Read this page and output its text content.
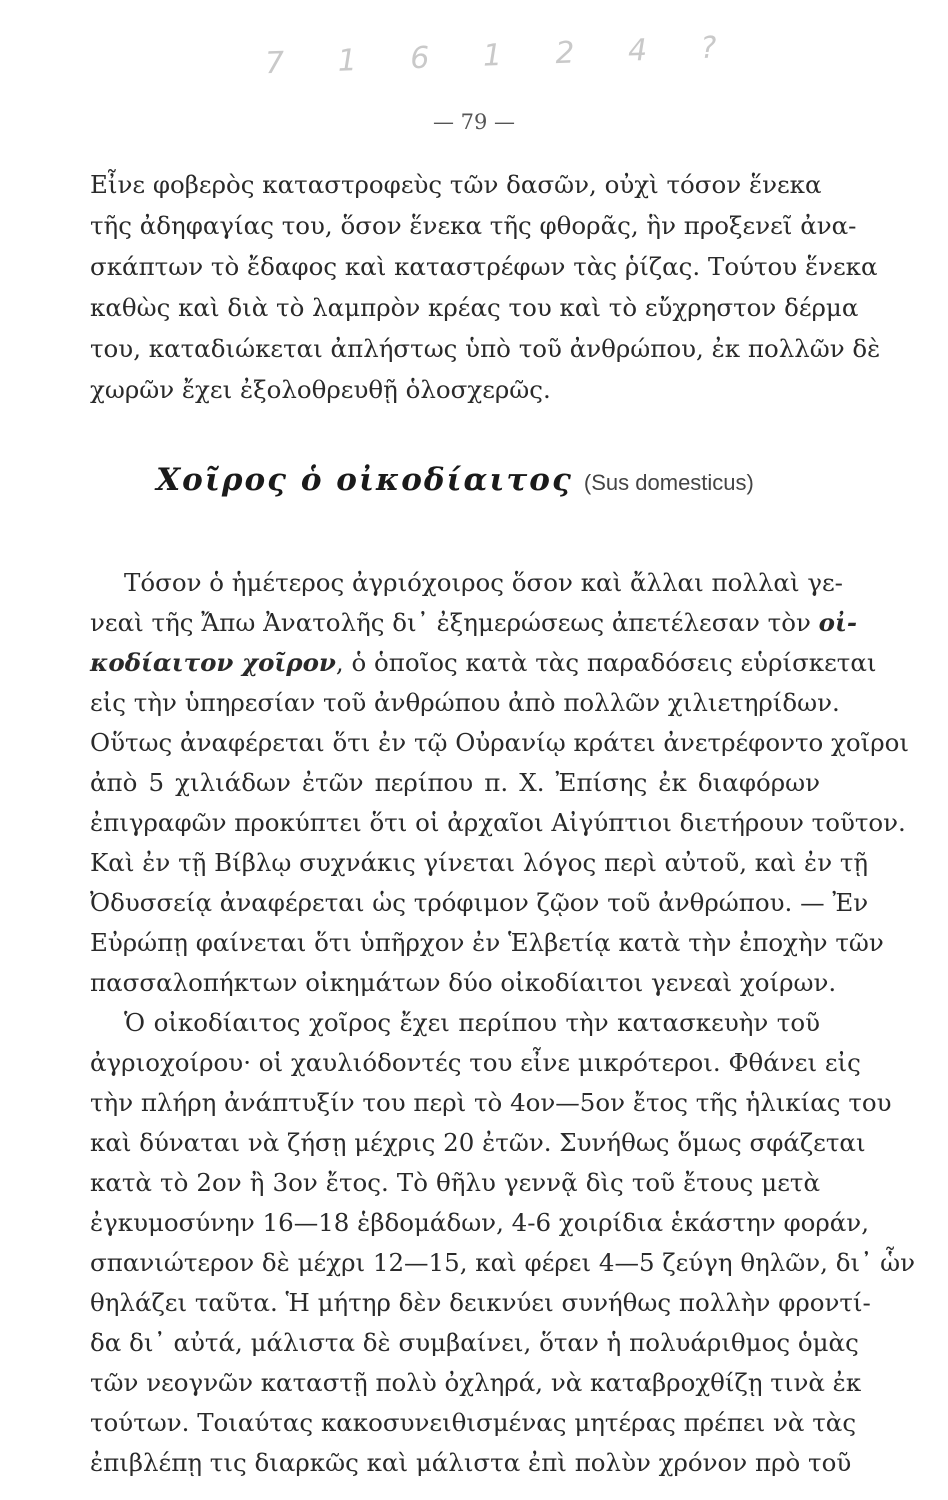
7 1 6 1 2 4 ?
— 79 —
Εἶνε φοβερὸς καταστροφεὺς τῶν δασῶν, οὐχὶ τόσον ἕνεκα
τῆς ἀδηφαγίας του, ὅσον ἕνεκα τῆς φθορᾶς, ἣν προξενεῖ ἀνα-
σκάπτων τὸ ἔδαφος καὶ καταστρέφων τὰς ῥίζας. Τούτου ἕνεκα
καθὼς καὶ διὰ τὸ λαμπρὸν κρέας του καὶ τὸ εὔχρηστον δέρμα
του, καταδιώκεται ἀπλήστως ὑπὸ τοῦ ἀνθρώπου, ἐκ πολλῶν δὲ
χωρῶν ἔχει ἐξολοθρευθῇ ὁλοσχερῶς.
Χοῖρος ὁ οἰκοδίαιτος (Sus domesticus)
Τόσον ὁ ἡμέτερος ἀγριόχοιρος ὅσον καὶ ἄλλαι πολλαὶ γε-
νεαὶ τῆς Ἄπω Ἀνατολῆς δι᾽ ἐξημερώσεως ἀπετέλεσαν τὸν οἰ-
κοδίαιτον χοῖρον, ὁ ὁποῖος κατὰ τὰς παραδόσεις εὑρίσκεται
εἰς τὴν ὑπηρεσίαν τοῦ ἀνθρώπου ἀπὸ πολλῶν χιλιετηρίδων.
Οὕτως ἀναφέρεται ὅτι ἐν τῷ Οὐρανίῳ κράτει ἀνετρέφοντο χοῖροι
ἀπὸ 5 χιλιάδων ἐτῶν περίπου π. Χ. Ἐπίσης ἐκ διαφόρων
ἐπιγραφῶν προκύπτει ὅτι οἱ ἀρχαῖοι Αἰγύπτιοι διετήρουν τοῦτον.
Καὶ ἐν τῇ Βίβλῳ συχνάκις γίνεται λόγος περὶ αὐτοῦ, καὶ ἐν τῇ
Ὀδυσσείᾳ ἀναφέρεται ὡς τρόφιμον ζῷον τοῦ ἀνθρώπου. — Ἐν
Εὐρώπῃ φαίνεται ὅτι ὑπῆρχον ἐν Ἑλβετίᾳ κατὰ τὴν ἐποχὴν τῶν
πασσαλοπήκτων οἰκημάτων δύο οἰκοδίαιτοι γενεαὶ χοίρων.
Ὁ οἰκοδίαιτος χοῖρος ἔχει περίπου τὴν κατασκευὴν τοῦ
ἀγριοχοίρου· οἱ χαυλιόδοντές του εἶνε μικρότεροι. Φθάνει εἰς
τὴν πλήρη ἀνάπτυξίν του περὶ τὸ 4ον—5ον ἔτος τῆς ἡλικίας του
καὶ δύναται νὰ ζήσῃ μέχρις 20 ἐτῶν. Συνήθως ὅμως σφάζεται
κατὰ τὸ 2ον ἢ 3ον ἔτος. Τὸ θῆλυ γεννᾷ δὶς τοῦ ἔτους μετὰ
ἐγκυμοσύνην 16—18 ἑβδομάδων, 4-6 χοιρίδια ἑκάστην φοράν,
σπανιώτερον δὲ μέχρι 12—15, καὶ φέρει 4—5 ζεύγη θηλῶν, δι᾽ ὧν
θηλάζει ταῦτα. Ἡ μήτηρ δὲν δεικνύει συνήθως πολλὴν φροντί-
δα δι᾽ αὐτά, μάλιστα δὲ συμβαίνει, ὅταν ἡ πολυάριθμος ὁμὰς
τῶν νεογνῶν καταστῇ πολὺ ὀχληρά, νὰ καταβροχθίζῃ τινὰ ἐκ
τούτων. Τοιαύτας κακοσυνειθισμένας μητέρας πρέπει νὰ τὰς
ἐπιβλέπῃ τις διαρκῶς καὶ μάλιστα ἐπὶ πολὺν χρόνον πρὸ τοῦ
